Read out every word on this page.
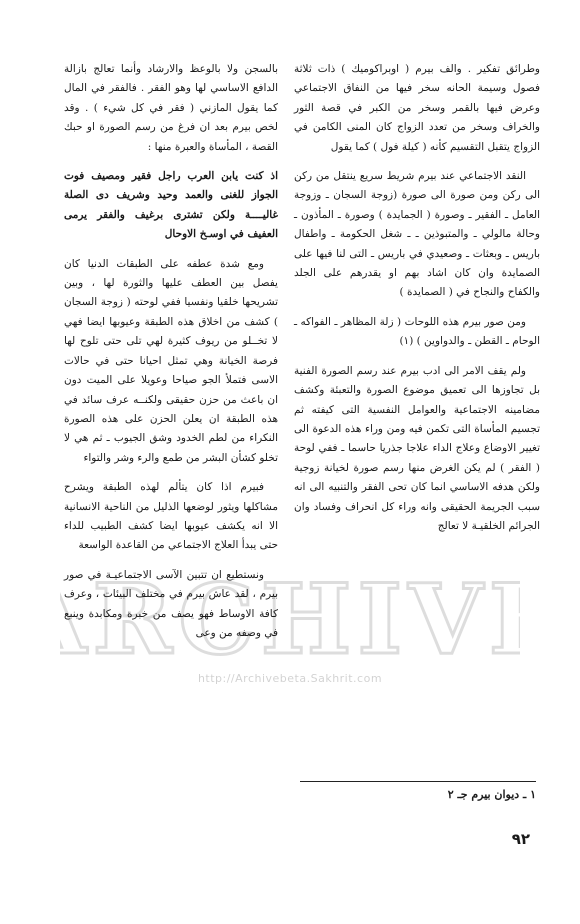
RCHIV
http://Archivebeta.Sakhrit.com

وطرائق تفكير . والف بيرم ( اوبراكوميك ) ذات ثلاثة فصول وسيمة الحانه سخر فيها من النفاق الاجتماعي وعرض فيها بالقمر وسخر من الكبر في قصة الثور والخراف وسخر من تعدد الزواج كان المنى الكامن في الزواج يتقبل التقسيم كأنه ( كيلة فول ) كما يقول

النقد الاجتماعي عند بيرم شريط سريع ينتقل من ركن الى ركن ومن صورة الى صورة (زوجة السجان ـ وزوجة العامل ـ الفقير ـ وصورة ( الجمايدة ) وصورة ـ المأذون ـ وحالة مالولي ـ والمتبوذين ـ ـ شغل الحكومة ـ واطفال باريس ـ وبعثات ـ وصعيدي في باريس ـ التى لنا فيها على الصمايدة وان كان اشاد بهم او يقدرهم على الجلد والكفاح والنجاح في ( الصمايدة )

ومن صور بيرم هذه اللوحات ( زلة المظاهر ـ الفواكه ـ الوحام ـ القطن ـ والدواوين ) (١)

ولم يقف الامر الى ادب بيرم عند رسم الصورة الفنية بل تجاوزها الى تعميق موضوع الصورة والتعبئة وكشف مضامينه الاجتماعية والعوامل النفسية التى كيفته ثم تجسيم المأساة التى تكمن فيه ومن وراء هذه الدعوة الى تغيير الاوضاع وعلاج الداء علاجا جذريا حاسما ـ ففي لوحة ( الفقر ) لم يكن الغرض منها رسم صورة لخيانة زوجية ولكن هدفه الاساسي انما كان تحى الفقر والتنبيه الى انه سبب الجريمة الحقيقى وانه وراء كل انحراف وفساد وان الجرائم الخلقيـة لا تعالج

بالسجن ولا بالوعظ والارشاد وأنما تعالج بازالة الدافع الاساسي لها وهو الفقر . فالفقر في المال كما يقول المازني ( فقر في كل شيء ) . وقد لخص بيرم بعد ان فرغ من رسم الصورة او حبك القصة ، المأساة والعبرة منها :

اذ كنت يابن العرب راجل فقير ومصيف فوت الجواز للغنى والعمد وحيد وشريف دى الصلة غاليــــة ولكن تشترى برغيف والفقر يرمى العفيف في اوسـخ الاوحال

ومع شدة عطفه على الطبقات الدنيا كان يفصل بين العطف عليها والثورة لها ، وبين تشريحها خلقيا ونفسيا ففي لوحته ( زوجة السجان ) كشف من اخلاق هذه الطبقة وعيوبها ايضا فهي لا تخــلو من ريوف كثيرة لهي تلى حتى تلوح لها فرصة الخيانة وهي تمثل احيانا حتى في حالات الاسى فتملأ الجو صياحا وعويلا على الميت دون ان باعث من حزن حقيقى ولكنــه عرف سائد في هذه الطبقة ان يعلن الحزن على هذه الصورة النكراء من لطم الخدود وشق الجيوب ـ ثم هي لا تخلو كشأن البشر من طمع والرء وشر والتواء

فبيرم اذا كان يتألم لهذه الطبقة ويشرح مشاكلها ويثور لوضعها الذليل من الناحية الانسانية الا انه يكشف عيوبها ايضا كشف الطبيب للداء حتى يبدأ العلاج الاجتماعي من القاعدة الواسعة

ونستطيع ان تتبين الآسى الاجتماعيـة في صور بيرم ، لقد عاش بيرم في مختلف البيئات ، وعرف كافة الاوساط فهو يصف من خبرة ومكابدة وينبع في وصفه من وعى

١ ـ ديوان بيرم جـ ٢
٩٢
